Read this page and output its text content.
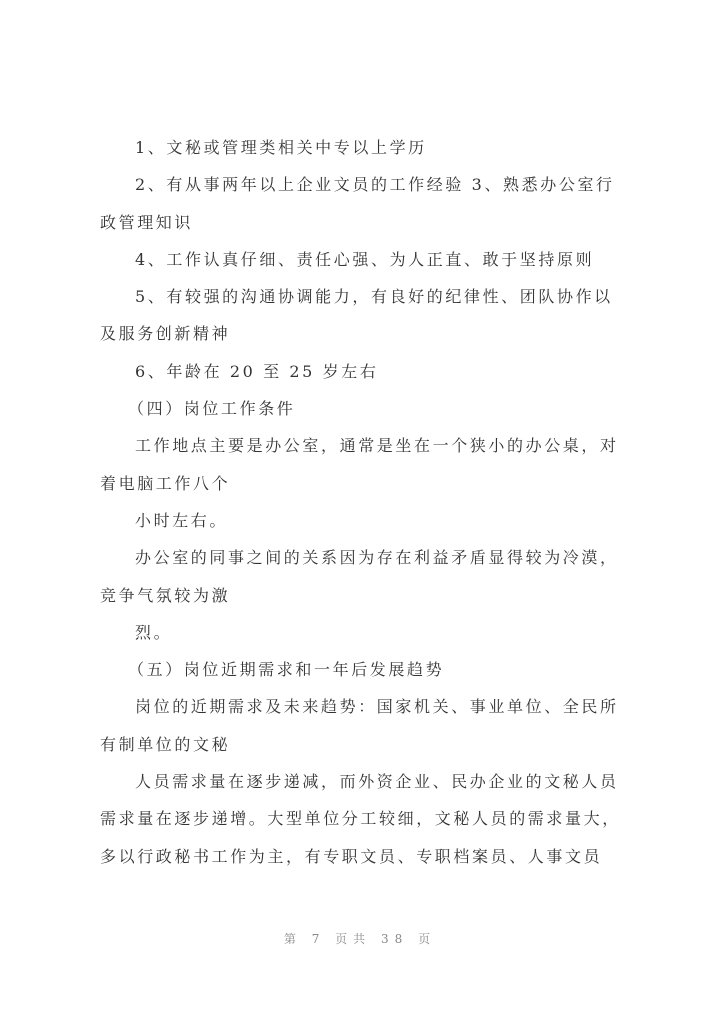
1、文秘或管理类相关中专以上学历
2、有从事两年以上企业文员的工作经验 3、熟悉办公室行
政管理知识
4、工作认真仔细、责任心强、为人正直、敢于坚持原则
5、有较强的沟通协调能力，有良好的纪律性、团队协作以
及服务创新精神
6、年龄在 20 至 25 岁左右
（四）岗位工作条件
工作地点主要是办公室，通常是坐在一个狭小的办公桌，对
着电脑工作八个
小时左右。
办公室的同事之间的关系因为存在利益矛盾显得较为冷漠，
竞争气氛较为激
烈。
（五）岗位近期需求和一年后发展趋势
岗位的近期需求及未来趋势：国家机关、事业单位、全民所
有制单位的文秘
人员需求量在逐步递减，而外资企业、民办企业的文秘人员
需求量在逐步递增。大型单位分工较细，文秘人员的需求量大，
多以行政秘书工作为主，有专职文员、专职档案员、人事文员
第 7 页共 38 页
